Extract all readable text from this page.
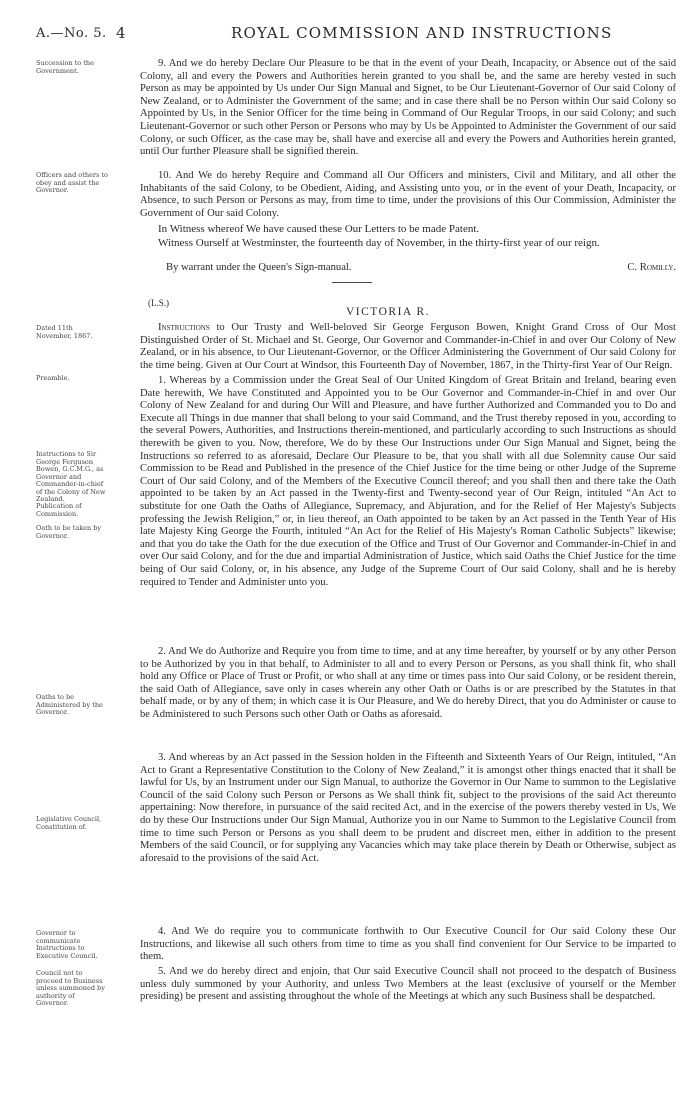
A.—No. 5. 4	ROYAL COMMISSION AND INSTRUCTIONS
Succession to the Government.

9. And we do hereby Declare Our Pleasure to be that in the event of your Death, Incapacity, or Absence out of the said Colony, all and every the Powers and Authorities herein granted to you shall be, and the same are hereby vested in such Person as may be appointed by Us under Our Sign Manual and Signet, to be Our Lieutenant-Governor of Our said Colony of New Zealand, or to Administer the Government of the same; and in case there shall be no Person within Our said Colony so Appointed by Us, in the Senior Officer for the time being in Command of Our Regular Troops, in our said Colony; and such Lieutenant-Governor or such other Person or Persons who may by Us be Appointed to Administer the Government of our said Colony, or such Officer, as the case may be, shall have and exercise all and every the Powers and Authorities herein granted, until Our further Pleasure shall be signified therein.

Officers and others to obey and assist the Governor.

10. And We do hereby Require and Command all Our Officers and ministers, Civil and Military, and all other the Inhabitants of the said Colony, to be Obedient, Aiding, and Assisting unto you, or in the event of your Death, Incapacity, or Absence, to such Person or Persons as may, from time to time, under the provisions of this Our Commission, Administer the Government of Our said Colony.

In Witness whereof We have caused these Our Letters to be made Patent.

Witness Ourself at Westminster, the fourteenth day of November, in the thirty-first year of our reign.

By warrant under the Queen's Sign-manual.	C. Romilly.
(L.S.)
VICTORIA R.
Dated 11th November, 1867.

Instructions to Our Trusty and Well-beloved Sir George Ferguson Bowen, Knight Grand Cross of Our Most Distinguished Order of St. Michael and St. George, Our Governor and Commander-in-Chief in and over Our Colony of New Zealand, or in his absence, to Our Lieutenant-Governor, or the Officer Administering the Government of Our said Colony for the time being. Given at Our Court at Windsor, this Fourteenth Day of November, 1867, in the Thirty-first Year of Our Reign.

Preamble.
Instructions to Sir George Ferguson Bowen, G.C.M.G., as Governor and Commander-in-chief of the Colony of New Zealand.
Publication of Commission.
Oath to be taken by Governor.

1. Whereas by a Commission under the Great Seal of Our United Kingdom of Great Britain and Ireland, bearing even Date herewith, We have Constituted and Appointed you to be Our Governor and Commander-in-Chief in and over Our Colony of New Zealand for and during Our Will and Pleasure, and have further Authorized and Commanded you to Do and Execute all Things in due manner that shall belong to your said Command, and the Trust thereby reposed in you, according to the several Powers, Authorities, and Instructions therein-mentioned, and particularly according to such Instructions as should therewith be given to you. Now, therefore, We do by these Our Instructions under Our Sign Manual and Signet, being the Instructions so referred to as aforesaid, Declare Our Pleasure to be, that you shall with all due Solemnity cause Our said Commission to be Read and Published in the presence of the Chief Justice for the time being or other Judge of the Supreme Court of Our said Colony, and of the Members of the Executive Council thereof; and you shall then and there take the Oath appointed to be taken by an Act passed in the Twenty-first and Twenty-second year of Our Reign, intituled “An Act to substitute for one Oath the Oaths of Allegiance, Supremacy, and Abjuration, and for the Relief of Her Majesty's Subjects professing the Jewish Religion,” or, in lieu thereof, an Oath appointed to be taken by an Act passed in the Tenth Year of His late Majesty King George the Fourth, intituled “An Act for the Relief of His Majesty's Roman Catholic Subjects” likewise; and that you do take the Oath for the due execution of the Office and Trust of Our Governor and Commander-in-Chief in and over Our said Colony, and for the due and impartial Administration of Justice, which said Oaths the Chief Justice for the time being of Our said Colony, or, in his absence, any Judge of the Supreme Court of Our said Colony, shall and he is hereby required to Tender and Administer unto you.

Oaths to be Administered by the Governor.

2. And We do Authorize and Require you from time to time, and at any time hereafter, by yourself or by any other Person to be Authorized by you in that behalf, to Administer to all and to every Person or Persons, as you shall think fit, who shall hold any Office or Place of Trust or Profit, or who shall at any time or times pass into Our said Colony, or be resident therein, the said Oath of Allegiance, save only in cases wherein any other Oath or Oaths is or are prescribed by the Statutes in that behalf made, or by any of them; in which case it is Our Pleasure, and We do hereby Direct, that you do Administer or cause to be Administered to such Persons such other Oath or Oaths as aforesaid.

Legislative Council, Constitution of.

3. And whereas by an Act passed in the Session holden in the Fifteenth and Sixteenth Years of Our Reign, intituled, “An Act to Grant a Representative Constitution to the Colony of New Zealand,” it is amongst other things enacted that it shall be lawful for Us, by an Instrument under our Sign Manual, to authorize the Governor in Our Name to summon to the Legislative Council of the said Colony such Person or Persons as We shall think fit, subject to the provisions of the said Act thereunto appertaining: Now therefore, in pursuance of the said recited Act, and in the exercise of the powers thereby vested in Us, We do by these Our Instructions under Our Sign Manual, Authorize you in our Name to Summon to the Legislative Council from time to time such Person or Persons as you shall deem to be prudent and discreet men, either in addition to the present Members of the said Council, or for supplying any Vacancies which may take place therein by Death or Otherwise, subject as aforesaid to the provisions of the said Act.

Governor to communicate Instructions to Executive Council.

4. And We do require you to communicate forthwith to Our Executive Council for Our said Colony these Our Instructions, and likewise all such others from time to time as you shall find convenient for Our Service to be imparted to them.

Council not to proceed to Business unless summoned by authority of Governor.

5. And we do hereby direct and enjoin, that Our said Executive Council shall not proceed to the despatch of Business unless duly summoned by your Authority, and unless Two Members at the least (exclusive of yourself or the Member presiding) be present and assisting throughout the whole of the Meetings at which any such Business shall be despatched.
